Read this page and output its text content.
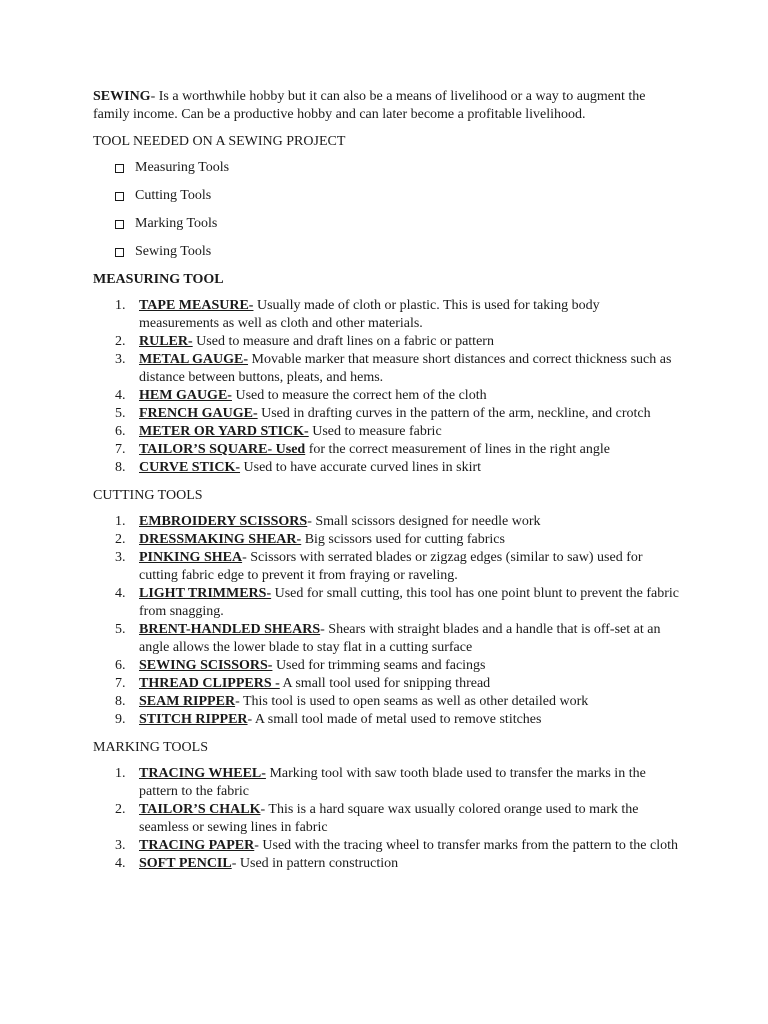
SEWING- Is a worthwhile hobby but it can also be a means of livelihood or a way to augment the family income. Can be a productive hobby and can later become a profitable livelihood.

TOOL NEEDED ON A SEWING PROJECT
Measuring Tools
Cutting Tools
Marking Tools
Sewing Tools
MEASURING TOOL
1. TAPE MEASURE- Usually made of cloth or plastic. This is used for taking body measurements as well as cloth and other materials.
2. RULER- Used to measure and draft lines on a fabric or pattern
3. METAL GAUGE- Movable marker that measure short distances and correct thickness such as distance between buttons, pleats, and hems.
4. HEM GAUGE- Used to measure the correct hem of the cloth
5. FRENCH GAUGE- Used in drafting curves in the pattern of the arm, neckline, and crotch
6. METER OR YARD STICK- Used to measure fabric
7. TAILOR’S SQUARE- Used for the correct measurement of lines in the right angle
8. CURVE STICK- Used to have accurate curved lines in skirt
CUTTING TOOLS
1. EMBROIDERY SCISSORS- Small scissors designed for needle work
2. DRESSMAKING SHEAR- Big scissors used for cutting fabrics
3. PINKING SHEA- Scissors with serrated blades or zigzag edges (similar to saw) used for cutting fabric edge to prevent it from fraying or raveling.
4. LIGHT TRIMMERS- Used for small cutting, this tool has one point blunt to prevent the fabric from snagging.
5. BRENT-HANDLED SHEARS- Shears with straight blades and a handle that is off-set at an angle allows the lower blade to stay flat in a cutting surface
6. SEWING SCISSORS- Used for trimming seams and facings
7. THREAD CLIPPERS - A small tool used for snipping thread
8. SEAM RIPPER- This tool is used to open seams as well as other detailed work
9. STITCH RIPPER- A small tool made of metal used to remove stitches
MARKING TOOLS
1. TRACING WHEEL- Marking tool with saw tooth blade used to transfer the marks in the pattern to the fabric
2. TAILOR’S CHALK- This is a hard square wax usually colored orange used to mark the seamless or sewing lines in fabric
3. TRACING PAPER- Used with the tracing wheel to transfer marks from the pattern to the cloth
4. SOFT PENCIL- Used in pattern construction
